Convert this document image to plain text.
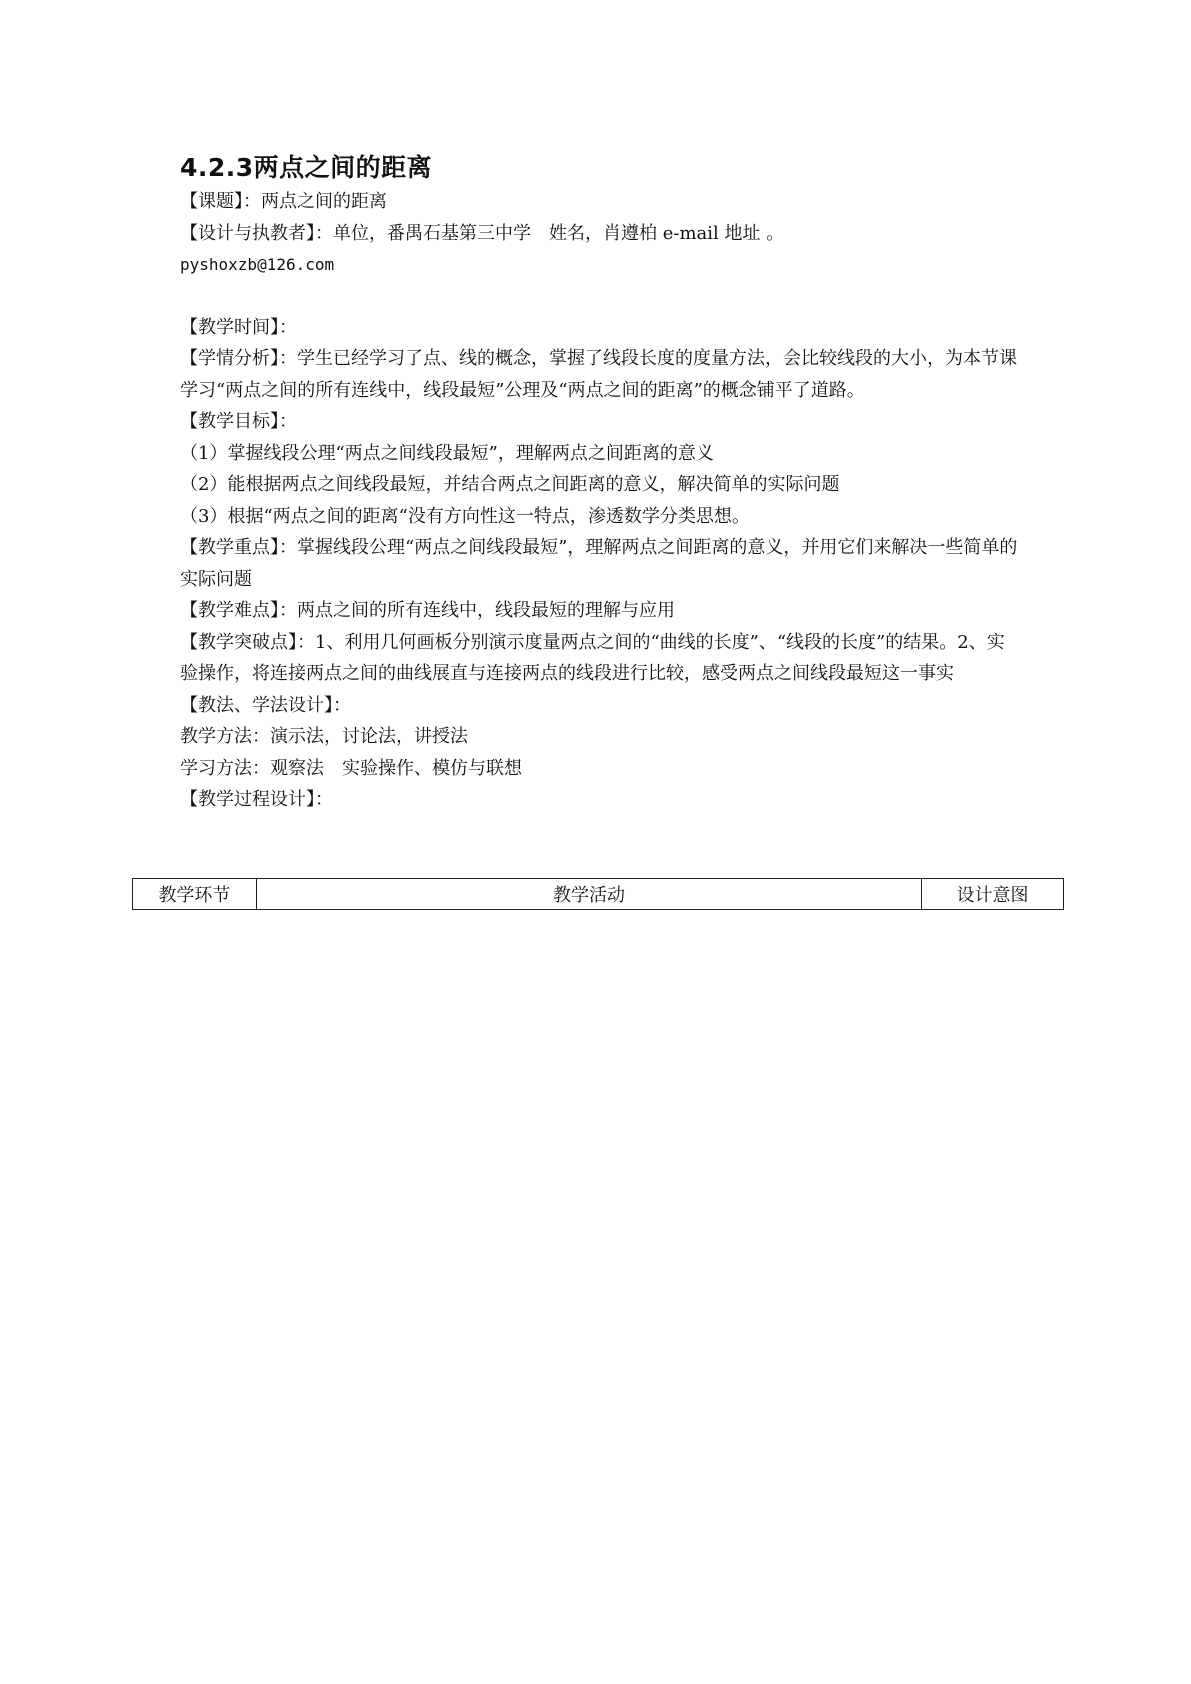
4.2.3两点之间的距离
【课题】：两点之间的距离
【设计与执教者】：单位，番禺石基第三中学　姓名，肖遵柏 e-mail 地址 。
pyshoxzb@126.com
【教学时间】：
【学情分析】：学生已经学习了点、线的概念，掌握了线段长度的度量方法，会比较线段的大小，为本节课学习“两点之间的所有连线中，线段最短”公理及“两点之间的距离”的概念铺平了道路。
【教学目标】：
（1）掌握线段公理“两点之间线段最短”，理解两点之间距离的意义
（2）能根据两点之间线段最短，并结合两点之间距离的意义，解决简单的实际问题
（3）根据“两点之间的距离“没有方向性这一特点，渗透数学分类思想。
【教学重点】：掌握线段公理“两点之间线段最短”，理解两点之间距离的意义，并用它们来解决一些简单的实际问题
【教学难点】：两点之间的所有连线中，线段最短的理解与应用
【教学突破点】：1、利用几何画板分别演示度量两点之间的“曲线的长度”、“线段的长度”的结果。2、实验操作，将连接两点之间的曲线展直与连接两点的线段进行比较，感受两点之间线段最短这一事实
【教法、学法设计】：
教学方法：演示法，讨论法，讲授法
学习方法：观察法　实验操作、模仿与联想
【教学过程设计】：
教学环节	教学活动	设计意图
